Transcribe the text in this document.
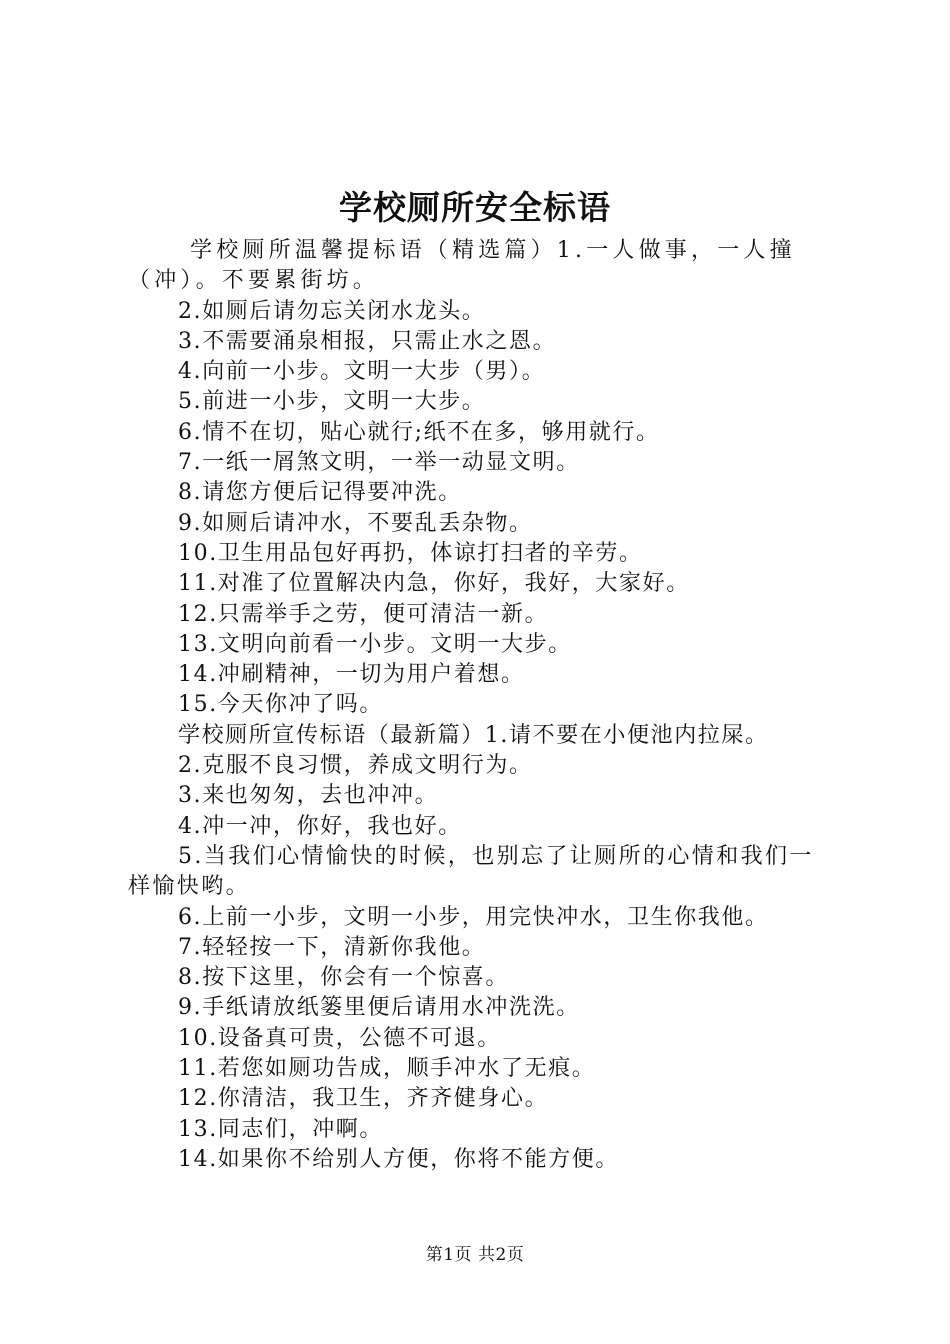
学校厕所安全标语

学校厕所温馨提标语（精选篇）1.一人做事，一人撞（冲）。不要累街坊。

2.如厕后请勿忘关闭水龙头。

3.不需要涌泉相报，只需止水之恩。

4.向前一小步。文明一大步（男）。

5.前进一小步，文明一大步。

6.情不在切，贴心就行;纸不在多，够用就行。

7.一纸一屑煞文明，一举一动显文明。

8.请您方便后记得要冲洗。

9.如厕后请冲水，不要乱丢杂物。

10.卫生用品包好再扔，体谅打扫者的辛劳。

11.对准了位置解决内急，你好，我好，大家好。

12.只需举手之劳，便可清洁一新。

13.文明向前看一小步。文明一大步。

14.冲刷精神，一切为用户着想。

15.今天你冲了吗。

学校厕所宣传标语（最新篇）1.请不要在小便池内拉屎。

2.克服不良习惯，养成文明行为。

3.来也匆匆，去也冲冲。

4.冲一冲，你好，我也好。

5.当我们心情愉快的时候，也别忘了让厕所的心情和我们一样愉快哟。

6.上前一小步，文明一小步，用完快冲水，卫生你我他。

7.轻轻按一下，清新你我他。

8.按下这里，你会有一个惊喜。

9.手纸请放纸篓里便后请用水冲洗洗。

10.设备真可贵，公德不可退。

11.若您如厕功告成，顺手冲水了无痕。

12.你清洁，我卫生，齐齐健身心。

13.同志们，冲啊。

14.如果你不给别人方便，你将不能方便。

第1页 共2页
